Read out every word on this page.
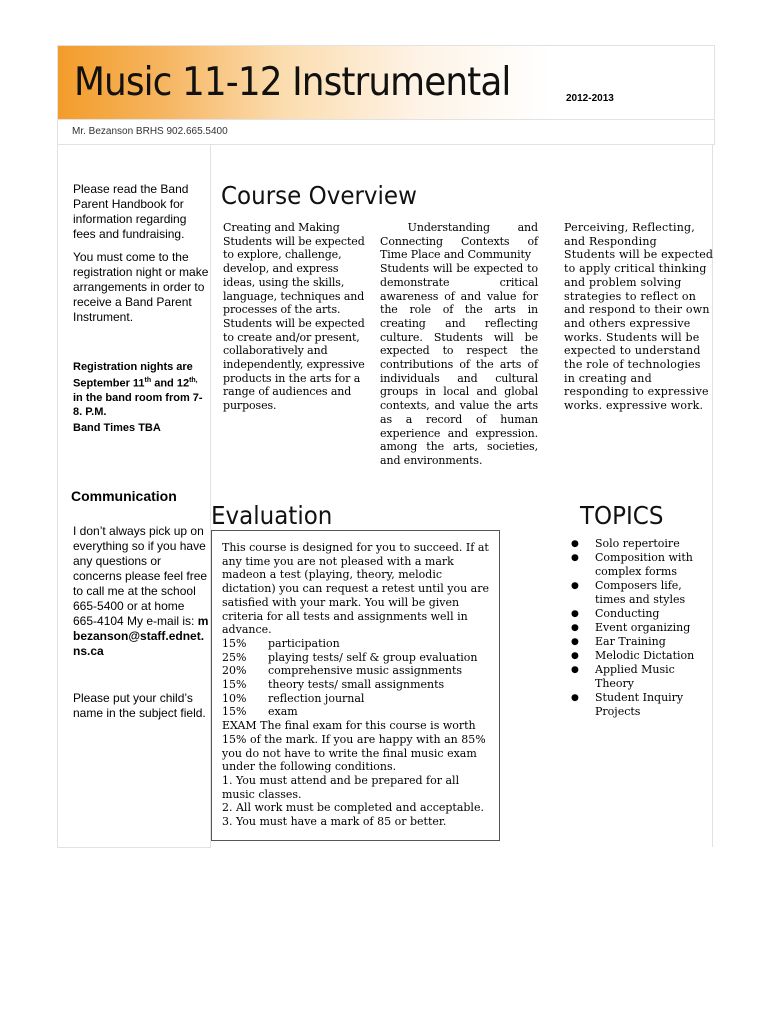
Music 11-12 Instrumental	2012-2013
Mr. Bezanson BRHS 902.665.5400
Please read the Band Parent Handbook for information regarding fees and fundraising.
You must come to the registration night or make arrangements in order to receive a Band Parent Instrument.
Registration nights are September 11th and $12^{th,}$ in the band room from 7-8. P.M.
Band Times TBA
Communication
I don’t always pick up on everything so if you have any questions or concerns please feel free to call me at the school 665-5400 or at home 665-4104 My e-mail is: mbezanson@staff.ednet.ns.ca
Please put your child’s name in the subject field.
Course Overview
Creating and Making
Students will be expected to explore, challenge, develop, and express ideas, using the skills, language, techniques and processes of the arts. Students will be expected to create and/or present, collaboratively and independently, expressive products in the arts for a range of audiences and purposes.
Understanding and Connecting Contexts of Time Place and Community
Students will be expected to demonstrate critical awareness of and value for the role of the arts in creating and reflecting culture. Students will be expected to respect the contributions of the arts of individuals and cultural groups in local and global contexts, and value the arts as a record of human experience and expression. among the arts, societies, and environments.
Perceiving, Reflecting, and Responding
Students will be expected to apply critical thinking and problem solving strategies to reflect on and respond to their own and others expressive works. Students will be expected to understand the role of technologies in creating and responding to expressive works. expressive work.
Evaluation
This course is designed for you to succeed. If at any time you are not pleased with a mark madeon a test (playing, theory, melodic dictation) you can request a retest until you are satisfied with your mark. You will be given criteria for all tests and assignments well in advance.
15%	participation
25%	playing tests/ self & group evaluation
20%	comprehensive music assignments
15%	theory tests/ small assignments
10%	reflection journal
15%	exam
EXAM The final exam for this course is worth 15% of the mark. If you are happy with an 85% you do not have to write the final music exam under the following conditions.
1. You must attend and be prepared for all music classes.
2. All work must be completed and acceptable.
3. You must have a mark of 85 or better.
TOPICS
●	Solo repertoire
●	Composition with complex forms
●	Composers life, times and styles
●	Conducting
●	Event organizing
●	Ear Training
●	Melodic Dictation
●	Applied Music Theory
●	Student Inquiry Projects
